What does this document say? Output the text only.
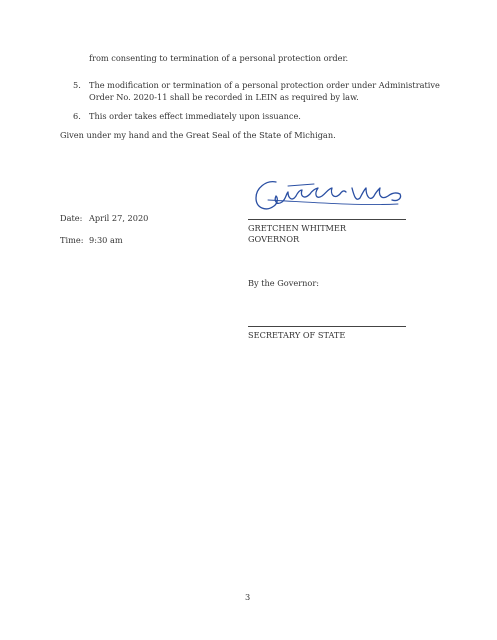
from consenting to termination of a personal protection order.

5. The modification or termination of a personal protection order under Administrative

Order No. 2020-11 shall be recorded in LEIN as required by law.

6. This order takes effect immediately upon issuance.

Given under my hand and the Great Seal of the State of Michigan.

Date: April 27, 2020

Time: 9:30 am

GRETCHEN WHITMER

GOVERNOR

By the Governor:

SECRETARY OF STATE

3
